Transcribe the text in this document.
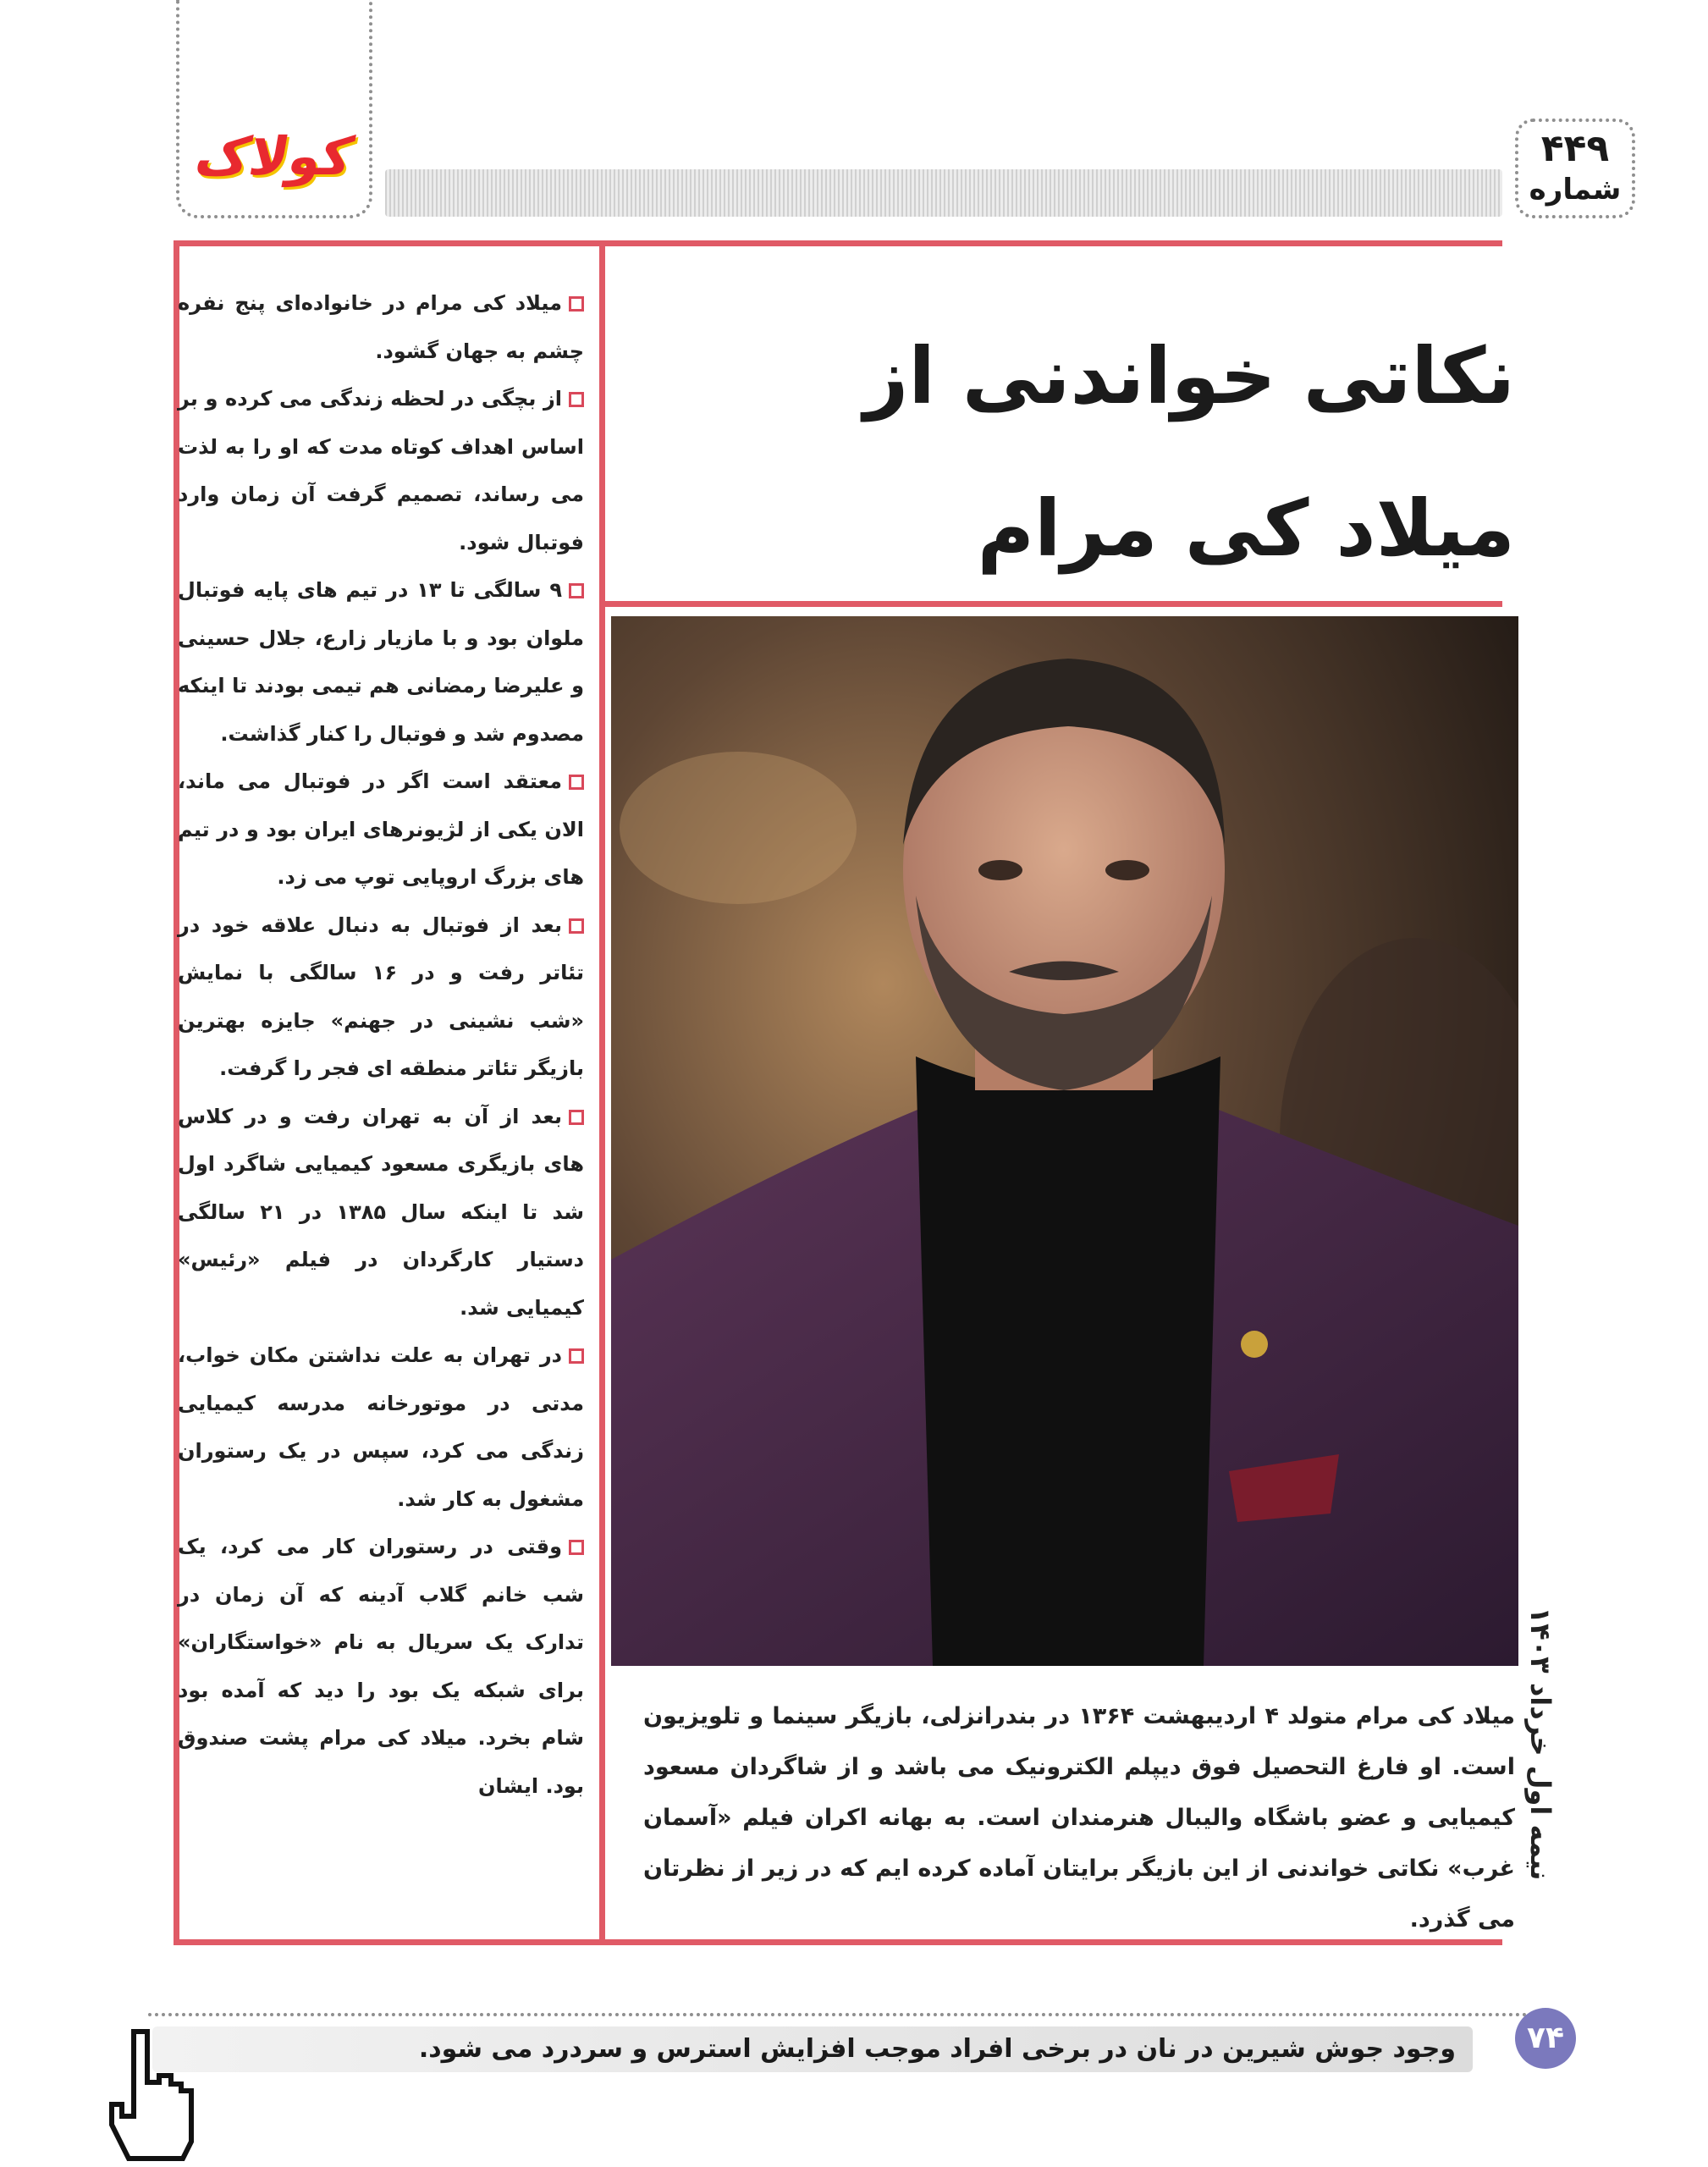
کولاک	۴۴۹
شماره
نکاتی خواندنی از
میلاد کی مرام

میلاد کی مرام در خانواده‌ای پنج نفره چشم به جهان گشود.

از بچگی در لحظه زندگی می کرده و بر اساس اهداف کوتاه مدت که او را به لذت می رساند، تصمیم گرفت آن زمان وارد فوتبال شود.

۹ سالگی تا ۱۳ در تیم های پایه فوتبال ملوان بود و با مازیار زارع، جلال حسینی و علیرضا رمضانی هم تیمی بودند تا اینکه مصدوم شد و فوتبال را کنار گذاشت.

معتقد است اگر در فوتبال می ماند، الان یکی از لژیونرهای ایران بود و در تیم های بزرگ اروپایی توپ می زد.

بعد از فوتبال به دنبال علاقه خود در تئاتر رفت و در ۱۶ سالگی با نمایش «شب نشینی در جهنم» جایزه بهترین بازیگر تئاتر منطقه ای فجر را گرفت.

بعد از آن به تهران رفت و در کلاس های بازیگری مسعود کیمیایی شاگرد اول شد تا اینکه سال ۱۳۸۵ در ۲۱ سالگی دستیار کارگردان در فیلم «رئیس» کیمیایی شد.

در تهران به علت نداشتن مکان خواب، مدتی در موتورخانه مدرسه کیمیایی زندگی می کرد، سپس در یک رستوران مشغول به کار شد.

وقتی در رستوران کار می کرد، یک شب خانم گلاب آدینه که آن زمان در تدارک یک سریال به نام «خواستگاران» برای شبکه یک بود را دید که آمده بود شام بخرد. میلاد کی مرام پشت صندوق بود. ایشان

میلاد کی مرام متولد ۴ اردیبهشت ۱۳۶۴ در بندرانزلی، بازیگر سینما و تلویزیون است. او فارغ التحصیل فوق دیپلم الکترونیک می باشد و از شاگردان مسعود کیمیایی و عضو باشگاه والیبال هنرمندان است. به بهانه اکران فیلم «آسمان غرب» نکاتی خواندنی از این بازیگر برایتان آماده کرده ایم که در زیر از نظرتان می گذرد.
نیمه اول خرداد ۱۴۰۳
وجود جوش شیرین در نان در برخی افراد موجب افزایش استرس و سردرد می شود.	۷۴
